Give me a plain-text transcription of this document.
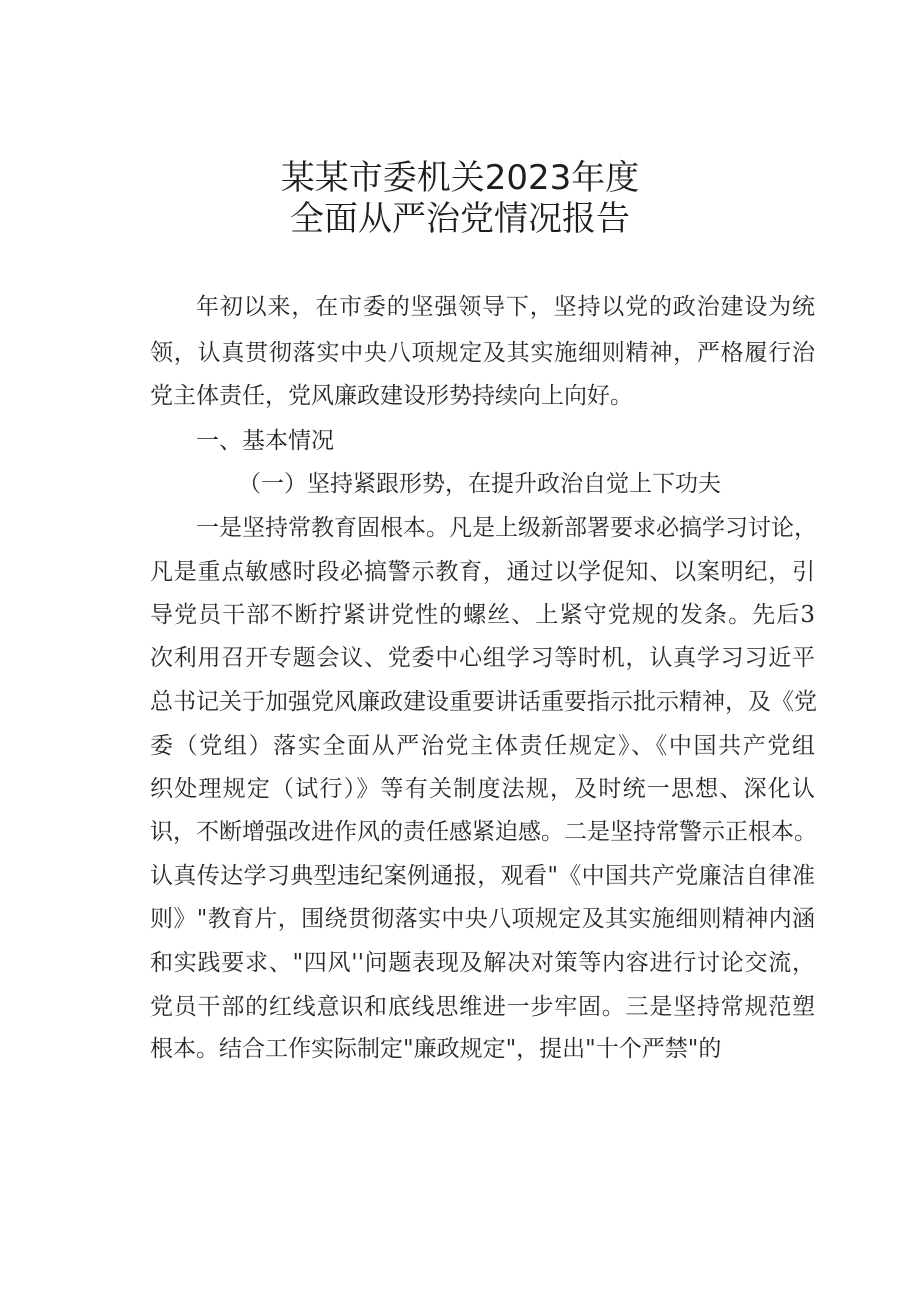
某某市委机关2023年度
全面从严治党情况报告
年初以来，在市委的坚强领导下，坚持以党的政治建设为统
领，认真贯彻落实中央八项规定及其实施细则精神，严格履行治
党主体责任，党风廉政建设形势持续向上向好。
一、基本情况
（一）坚持紧跟形势，在提升政治自觉上下功夫
一是坚持常教育固根本。凡是上级新部署要求必搞学习讨论，
凡是重点敏感时段必搞警示教育，通过以学促知、以案明纪，引
导党员干部不断拧紧讲党性的螺丝、上紧守党规的发条。先后3
次利用召开专题会议、党委中心组学习等时机，认真学习习近平
总书记关于加强党风廉政建设重要讲话重要指示批示精神，及《党
委（党组）落实全面从严治党主体责任规定》、《中国共产党组
织处理规定（试行）》等有关制度法规，及时统一思想、深化认
识，不断增强改进作风的责任感紧迫感。二是坚持常警示正根本。
认真传达学习典型违纪案例通报，观看"《中国共产党廉洁自律准
则》"教育片，围绕贯彻落实中央八项规定及其实施细则精神内涵
和实践要求、"四风''问题表现及解决对策等内容进行讨论交流，
党员干部的红线意识和底线思维进一步牢固。三是坚持常规范塑
根本。结合工作实际制定"廉政规定"，提出"十个严禁"的
